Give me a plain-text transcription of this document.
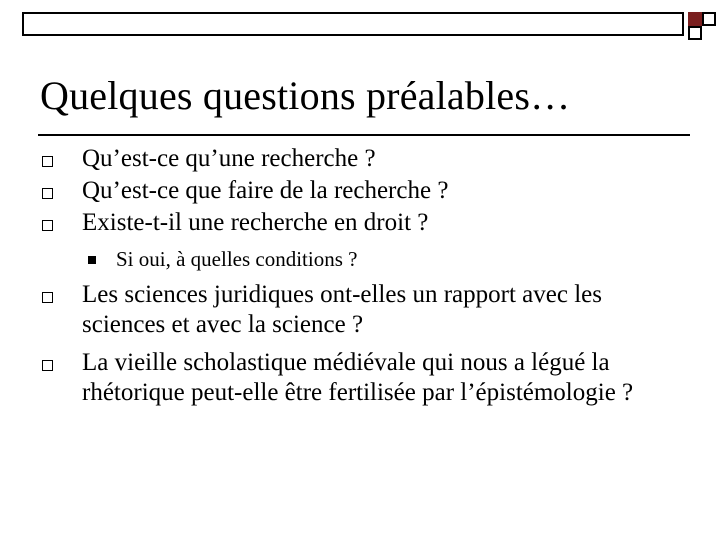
Quelques questions préalables…
Qu’est-ce qu’une recherche ?
Qu’est-ce que faire de la recherche ?
Existe-t-il une recherche en droit ?
Si oui, à quelles conditions ?
Les sciences juridiques ont-elles un rapport avec les sciences et avec la science ?
La vieille scholastique médiévale qui nous a légué la rhétorique peut-elle être fertilisée par l’épistémologie ?
